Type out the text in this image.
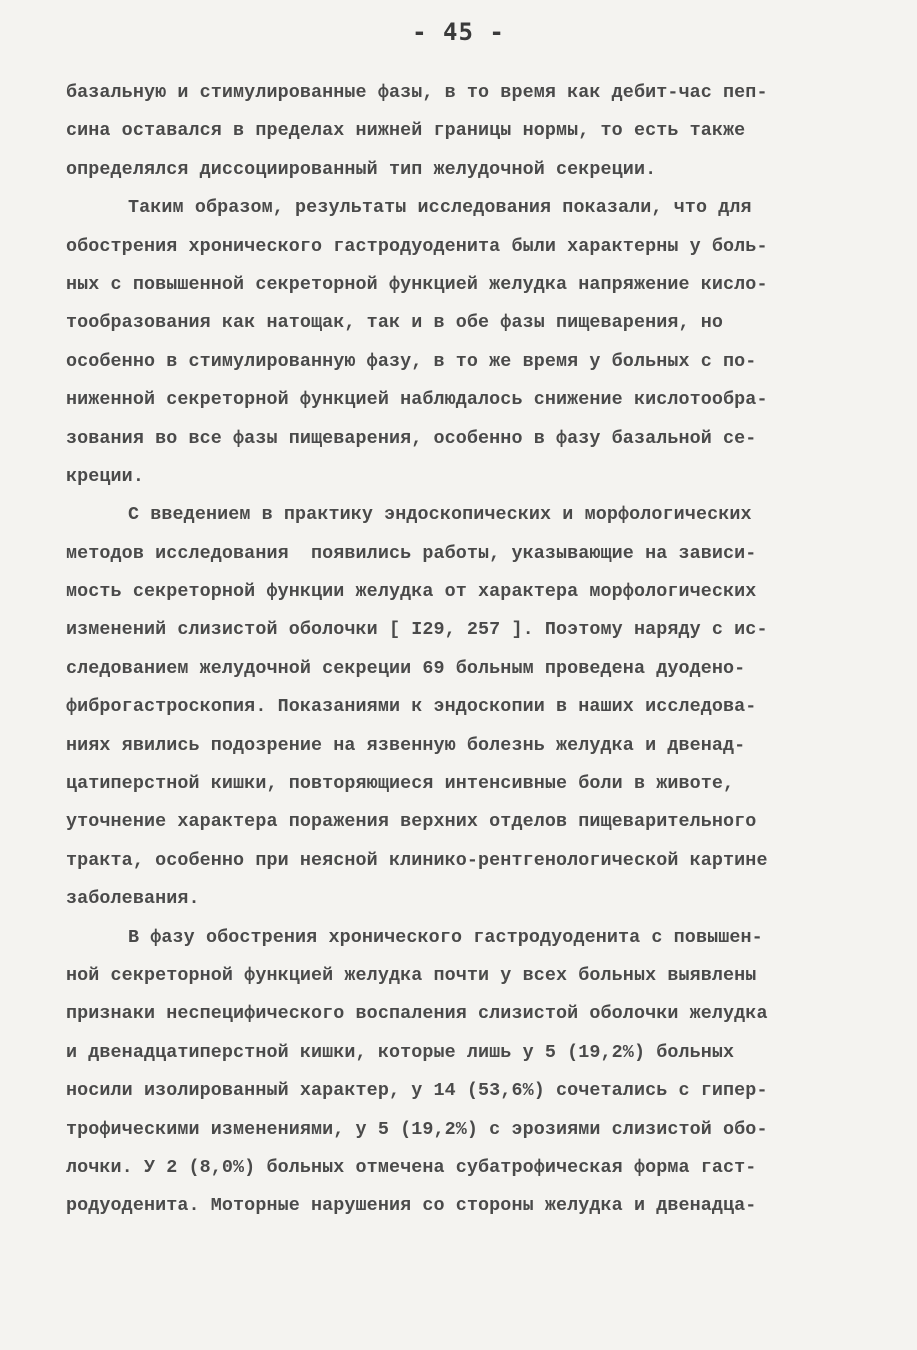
- 45 -
базальную и стимулированные фазы, в то время как дебит-час пеп-
сина оставался в пределах нижней границы нормы, то есть также
определялся диссоциированный тип желудочной секреции.
Таким образом, результаты исследования показали, что для
обострения хронического гастродуоденита были характерны у боль-
ных с повышенной секреторной функцией желудка напряжение кисло-
тообразования как натощак, так и в обе фазы пищеварения, но
особенно в стимулированную фазу, в то же время у больных с по-
ниженной секреторной функцией наблюдалось снижение кислотообра-
зования во все фазы пищеварения, особенно в фазу базальной се-
креции.
С введением в практику эндоскопических и морфологических
методов исследования  появились работы, указывающие на зависи-
мость секреторной функции желудка от характера морфологических
изменений слизистой оболочки [ I29, 257 ]. Поэтому наряду с ис-
следованием желудочной секреции 69 больным проведена дуодено-
фиброгастроскопия. Показаниями к эндоскопии в наших исследова-
ниях явились подозрение на язвенную болезнь желудка и двенад-
цатиперстной кишки, повторяющиеся интенсивные боли в животе,
уточнение характера поражения верхних отделов пищеварительного
тракта, особенно при неясной клинико-рентгенологической картине
заболевания.
В фазу обострения хронического гастродуоденита с повышен-
ной секреторной функцией желудка почти у всех больных выявлены
признаки неспецифического воспаления слизистой оболочки желудка
и двенадцатиперстной кишки, которые лишь у 5 (19,2%) больных
носили изолированный характер, у 14 (53,6%) сочетались с гипер-
трофическими изменениями, у 5 (19,2%) с эрозиями слизистой обо-
лочки. У 2 (8,0%) больных отмечена субатрофическая форма гаст-
родуоденита. Моторные нарушения со стороны желудка и двенадца-
